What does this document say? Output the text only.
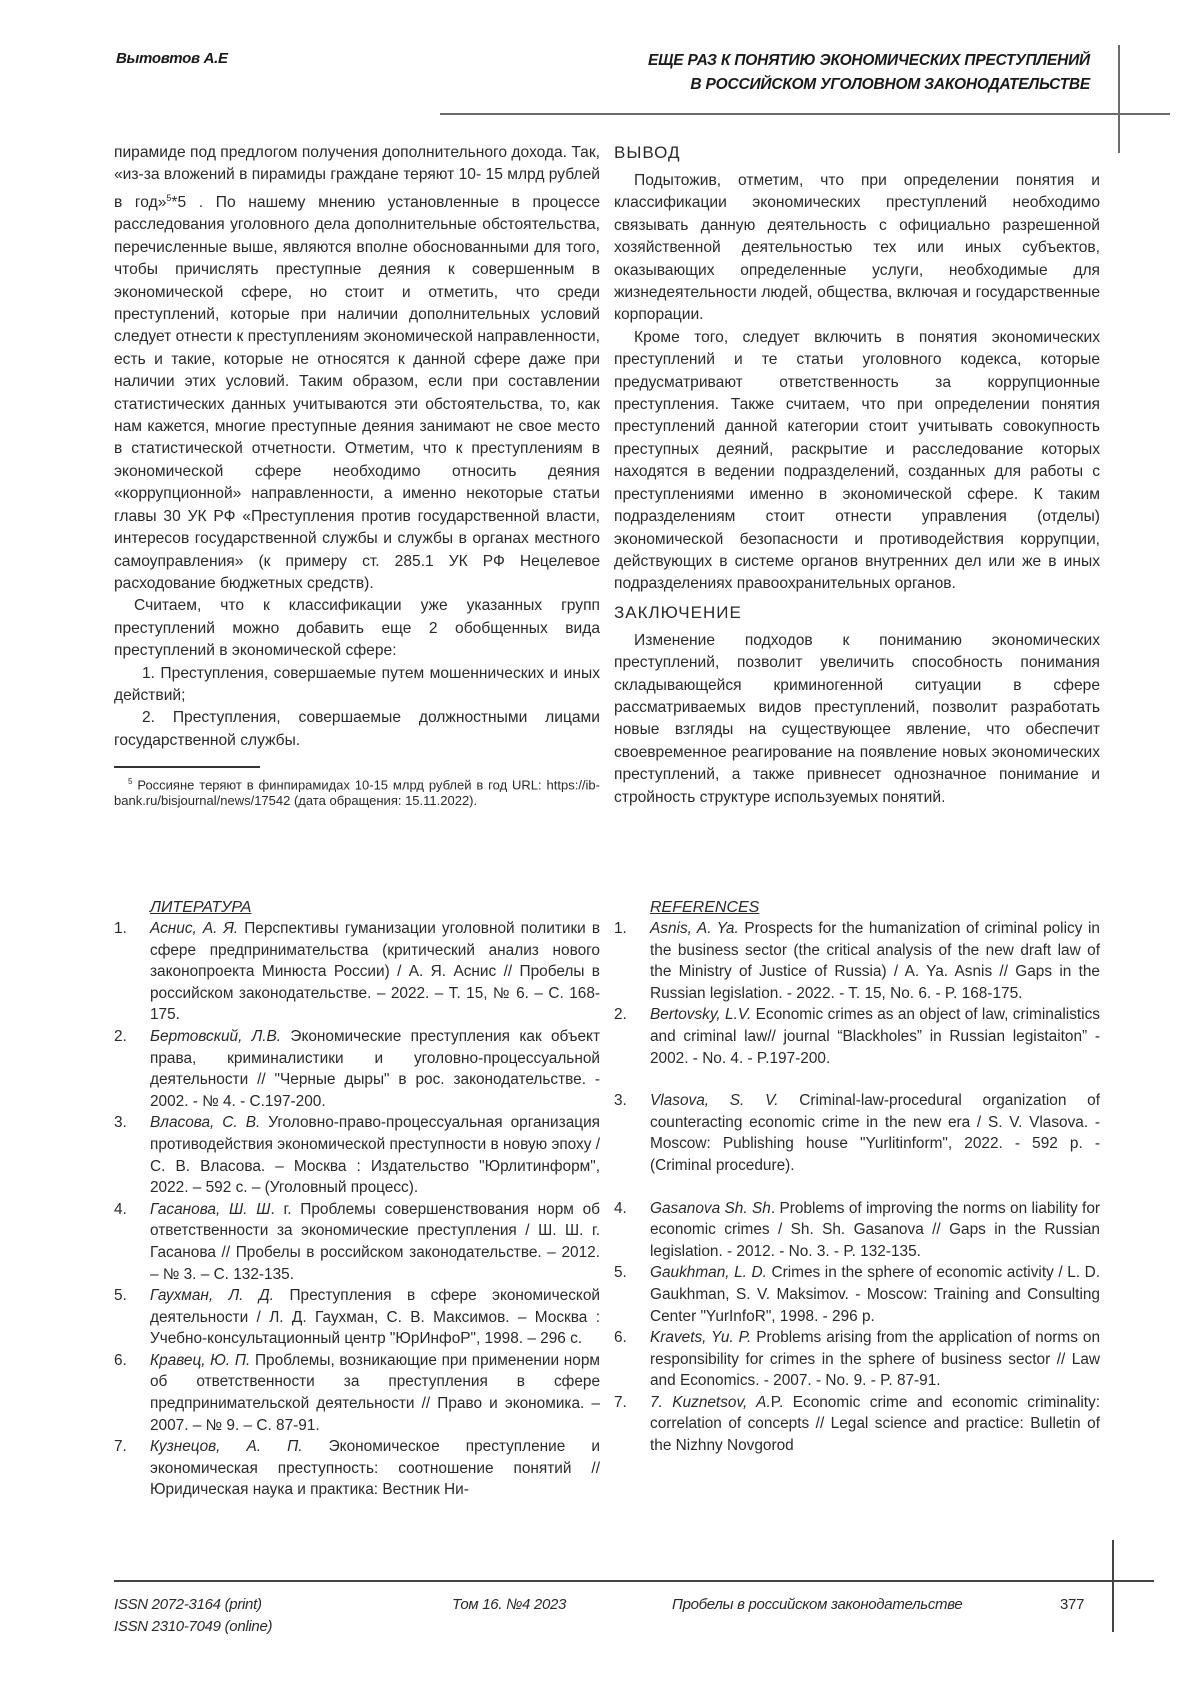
Вытовтов А.Е	ЕЩЕ РАЗ К ПОНЯТИЮ ЭКОНОМИЧЕСКИХ ПРЕСТУПЛЕНИЙ
В РОССИЙСКОМ УГОЛОВНОМ ЗАКОНОДАТЕЛЬСТВЕ

пирамиде под предлогом получения дополнительного дохода. Так, «из-за вложений в пирамиды граждане теряют 10- 15 млрд рублей в год»$^5$*5 . По нашему мнению установленные в процессе расследования уголовного дела дополнительные обстоятельства, перечисленные выше, являются вполне обоснованными для того, чтобы причислять преступные деяния к совершенным в экономической сфере, но стоит и отметить, что среди преступлений, которые при наличии дополнительных условий следует отнести к преступлениям экономической направленности, есть и такие, которые не относятся к данной сфере даже при наличии этих условий. Таким образом, если при составлении статистических данных учитываются эти обстоятельства, то, как нам кажется, многие преступные деяния занимают не свое место в статистической отчетности. Отметим, что к преступлениям в экономической сфере необходимо относить деяния «коррупционной» направленности, а именно некоторые статьи главы 30 УК РФ «Преступления против государственной власти, интересов государственной службы и службы в органах местного самоуправления» (к примеру ст. 285.1 УК РФ Нецелевое расходование бюджетных средств).

Считаем, что к классификации уже указанных групп преступлений можно добавить еще 2 обобщенных вида преступлений в экономической сфере:

1. Преступления, совершаемые путем мошеннических и иных действий;

2. Преступления, совершаемые должностными лицами государственной службы.

$^5$ Россияне теряют в финпирамидах 10-15 млрд рублей в год URL: https://ib-bank.ru/bisjournal/news/17542 (дата обращения: 15.11.2022).
ВЫВОД

Подытожив, отметим, что при определении понятия и классификации экономических преступлений необходимо связывать данную деятельность с официально разрешенной хозяйственной деятельностью тех или иных субъектов, оказывающих определенные услуги, необходимые для жизнедеятельности людей, общества, включая и государственные корпорации.

Кроме того, следует включить в понятия экономических преступлений и те статьи уголовного кодекса, которые предусматривают ответственность за коррупционные преступления. Также считаем, что при определении понятия преступлений данной категории стоит учитывать совокупность преступных деяний, раскрытие и расследование которых находятся в ведении подразделений, созданных для работы с преступлениями именно в экономической сфере. К таким подразделениям стоит отнести управления (отделы) экономической безопасности и противодействия коррупции, действующих в системе органов внутренних дел или же в иных подразделениях правоохранительных органов.

ЗАКЛЮЧЕНИЕ

Изменение подходов к пониманию экономических преступлений, позволит увеличить способность понимания складывающейся криминогенной ситуации в сфере рассматриваемых видов преступлений, позволит разработать новые взгляды на существующее явление, что обеспечит своевременное реагирование на появление новых экономических преступлений, а также привнесет однозначное понимание и стройность структуре используемых понятий.

ЛИТЕРАТУРА
1.	Аснис, А. Я. Перспективы гуманизации уголовной политики в сфере предпринимательства (критический анализ нового законопроекта Минюста России) / А. Я. Аснис // Пробелы в российском законодательстве. – 2022. – Т. 15, № 6. – С. 168-175.
2.	Бертовский, Л.В. Экономические преступления как объект права, криминалистики и уголовно-процессуальной деятельности // "Черные дыры" в рос. законодательстве. - 2002. - № 4. - С.197-200.
3.	Власова, С. В. Уголовно-право-процессуальная организация противодействия экономической преступности в новую эпоху / С. В. Власова. – Москва : Издательство "Юрлитинформ", 2022. – 592 с. – (Уголовный процесс).
4.	Гасанова, Ш. Ш. г. Проблемы совершенствования норм об ответственности за экономические преступления / Ш. Ш. г. Гасанова // Пробелы в российском законодательстве. – 2012. – № 3. – С. 132-135.
5.	Гаухман, Л. Д. Преступления в сфере экономической деятельности / Л. Д. Гаухман, С. В. Максимов. – Москва : Учебно-консультационный центр "ЮрИнфоР", 1998. – 296 с.
6.	Кравец, Ю. П. Проблемы, возникающие при применении норм об ответственности за преступления в сфере предпринимательской деятельности // Право и экономика. – 2007. – № 9. – С. 87-91.
7.	Кузнецов, А. П. Экономическое преступление и экономическая преступность: соотношение понятий // Юридическая наука и практика: Вестник Ни-
REFERENCES
1.	Asnis, A. Ya. Prospects for the humanization of criminal policy in the business sector (the critical analysis of the new draft law of the Ministry of Justice of Russia) / A. Ya. Asnis // Gaps in the Russian legislation. - 2022. - T. 15, No. 6. - P. 168-175.
2.	Bertovsky, L.V. Economic crimes as an object of law, criminalistics and criminal law// journal “Blackholes” in Russian legistaiton” - 2002. - No. 4. - P.197-200.
3.	Vlasova, S. V. Criminal-law-procedural organization of counteracting economic crime in the new era / S. V. Vlasova. - Moscow: Publishing house "Yurlitinform", 2022. - 592 p. - (Criminal procedure).
4.	Gasanova Sh. Sh. Problems of improving the norms on liability for economic crimes / Sh. Sh. Gasanova // Gaps in the Russian legislation. - 2012. - No. 3. - P. 132-135.
5.	Gaukhman, L. D. Crimes in the sphere of economic activity / L. D. Gaukhman, S. V. Maksimov. - Moscow: Training and Consulting Center "YurInfoR", 1998. - 296 p.
6.	Kravets, Yu. P. Problems arising from the application of norms on responsibility for crimes in the sphere of business sector // Law and Economics. - 2007. - No. 9. - P. 87-91.
7.	7. Kuznetsov, A.P. Economic crime and economic criminality: correlation of concepts // Legal science and practice: Bulletin of the Nizhny Novgorod
ISSN 2072-3164 (print)
ISSN 2310-7049 (online)
Том 16. №4 2023	Пробелы в российском законодательстве	377
